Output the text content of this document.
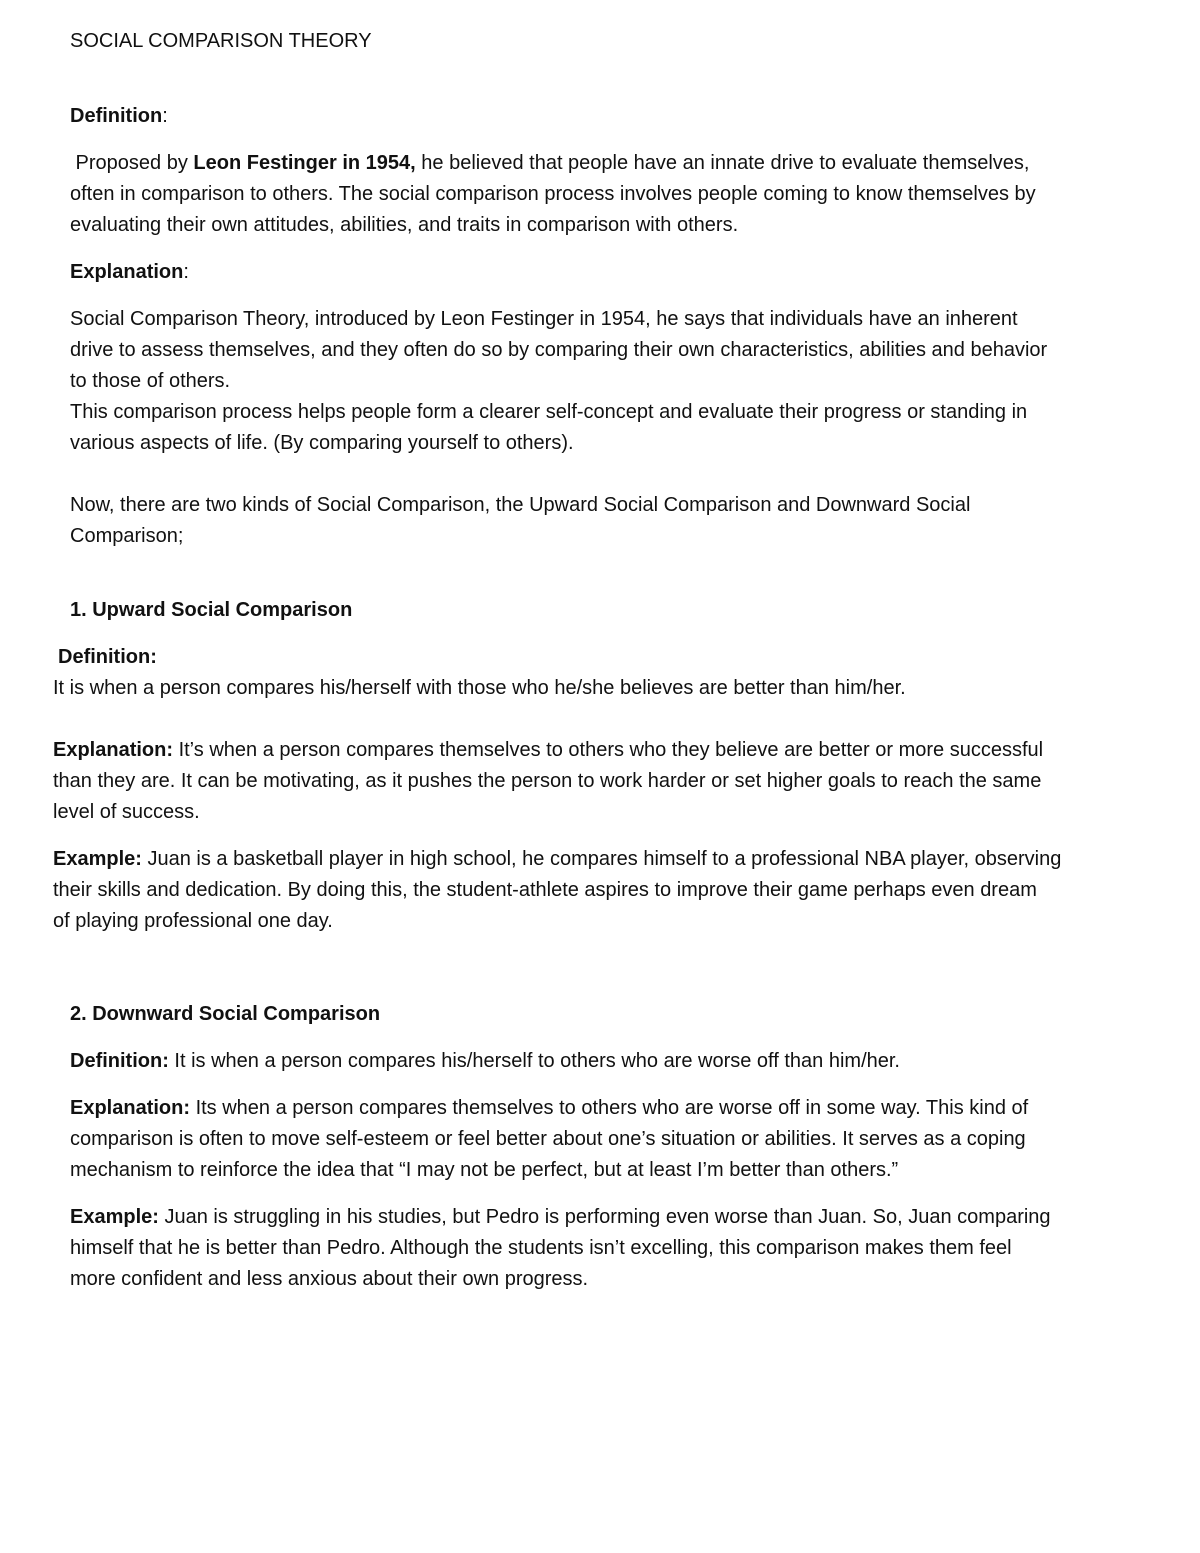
SOCIAL COMPARISON THEORY
Definition:
Proposed by Leon Festinger in 1954, he believed that people have an innate drive to evaluate themselves,
often in comparison to others. The social comparison process involves people coming to know themselves by
evaluating their own attitudes, abilities, and traits in comparison with others.
Explanation:
Social Comparison Theory, introduced by Leon Festinger in 1954, he says that individuals have an inherent
drive to assess themselves, and they often do so by comparing their own characteristics, abilities and behavior
to those of others.
This comparison process helps people form a clearer self-concept and evaluate their progress or standing in
various aspects of life. (By comparing yourself to others).
Now, there are two kinds of Social Comparison, the Upward Social Comparison and Downward Social
Comparison;
1. Upward Social Comparison
Definition:
It is when a person compares his/herself with those who he/she believes are better than him/her.
Explanation: It’s when a person compares themselves to others who they believe are better or more successful
than they are. It can be motivating, as it pushes the person to work harder or set higher goals to reach the same
level of success.
Example: Juan is a basketball player in high school, he compares himself to a professional NBA player, observing
their skills and dedication. By doing this, the student-athlete aspires to improve their game perhaps even dream
of playing professional one day.
2. Downward Social Comparison
Definition: It is when a person compares his/herself to others who are worse off than him/her.
Explanation: Its when a person compares themselves to others who are worse off in some way. This kind of
comparison is often to move self-esteem or feel better about one’s situation or abilities. It serves as a coping
mechanism to reinforce the idea that “I may not be perfect, but at least I’m better than others.”
Example: Juan is struggling in his studies, but Pedro is performing even worse than Juan. So, Juan comparing
himself that he is better than Pedro. Although the students isn’t excelling, this comparison makes them feel
more confident and less anxious about their own progress.
